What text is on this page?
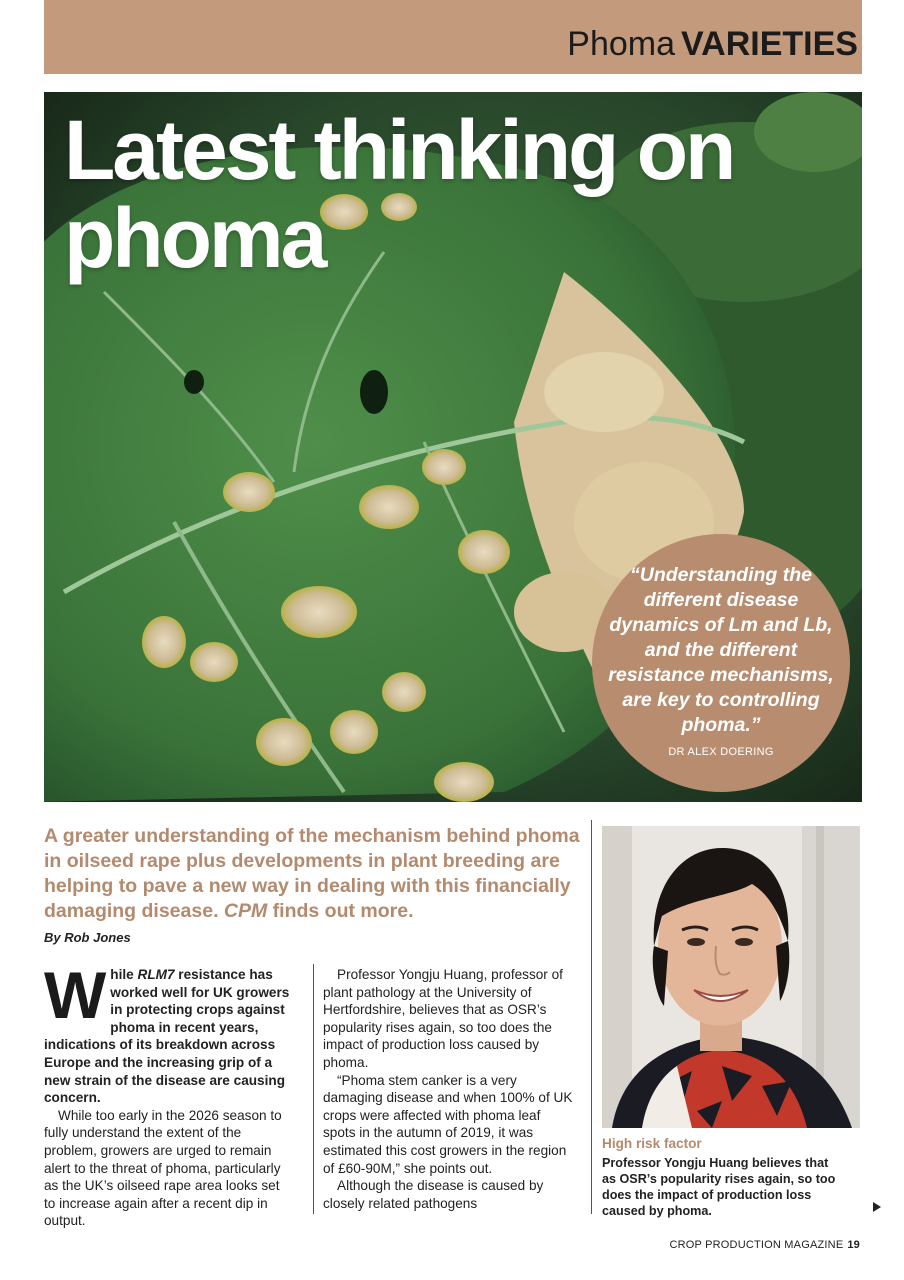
Phoma VARIETIES
Latest thinking on
phoma
“Understanding the different disease dynamics of Lm and Lb, and the different resistance mechanisms, are key to controlling phoma.”
DR ALEX DOERING
A greater understanding of the mechanism behind phoma in oilseed rape plus developments in plant breeding are helping to pave a new way in dealing with this financially damaging disease. CPM finds out more.
By Rob Jones

While RLM7 resistance has worked well for UK growers in protecting crops against phoma in recent years, indications of its breakdown across Europe and the increasing grip of a new strain of the disease are causing concern.

While too early in the 2026 season to fully understand the extent of the problem, growers are urged to remain alert to the threat of phoma, particularly as the UK’s oilseed rape area looks set to increase again after a recent dip in output.

Professor Yongju Huang, professor of plant pathology at the University of Hertfordshire, believes that as OSR’s popularity rises again, so too does the impact of production loss caused by phoma.

“Phoma stem canker is a very damaging disease and when 100% of UK crops were affected with phoma leaf spots in the autumn of 2019, it was estimated this cost growers in the region of £60-90M,” she points out.

Although the disease is caused by closely related pathogens

High risk factor
Professor Yongju Huang believes that as OSR’s popularity rises again, so too does the impact of production loss caused by phoma.
CROP PRODUCTION MAGAZINE 19
